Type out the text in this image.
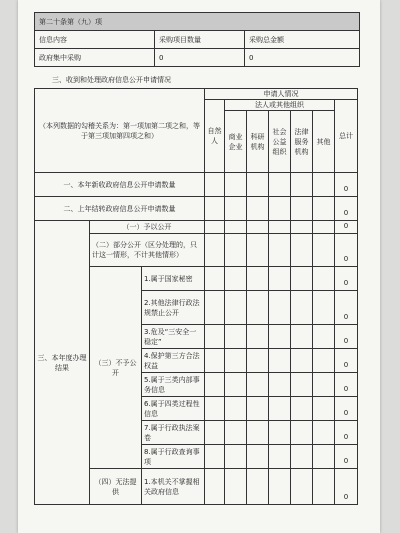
第二十条第（九）项		
信息内容	采购项目数量	采购总金额
政府集中采购	0	0
三、收到和处理政府信息公开申请情况
（本列数据的勾稽关系为：第一项加第二项之和，等于第三项加第四项之和）			申请人情况						
			自然人	法人或其他组织					总计
				商业企业	科研机构	社会公益组织	法律服务机构	其他	
一、本年新收政府信息公开申请数量									0
二、上年结转政府信息公开申请数量									0
三、本年度办理结果	（一）予以公开								0
	（二）部分公开（区分处理的，只计这一情形，不计其他情形）								0
	（三）不予公开	1.属于国家秘密							0
		2.其他法律行政法规禁止公开							0
		3.危及“三安全一稳定”							0
		4.保护第三方合法权益							0
		5.属于三类内部事务信息							0
		6.属于四类过程性信息							0
		7.属于行政执法案卷							0
		8.属于行政查询事项							0
	（四）无法提供	1.本机关不掌握相关政府信息							0
